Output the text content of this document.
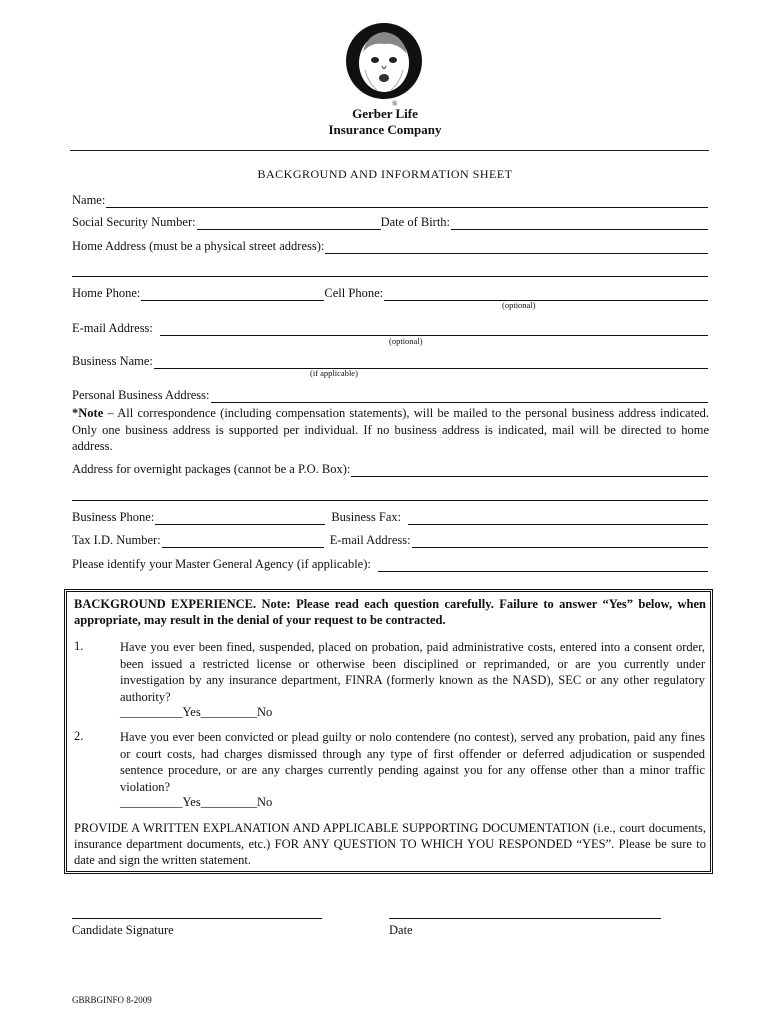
®
Gerber Life
Insurance Company
BACKGROUND AND INFORMATION SHEET
Name:
Social Security Number:	Date of Birth:
Home Address (must be a physical street address):
Home Phone:	Cell Phone:
(optional)
E-mail Address:
(optional)
Business Name:
(if applicable)
Personal Business Address:
*Note – All correspondence (including compensation statements), will be mailed to the personal business address indicated. Only one business address is supported per individual. If no business address is indicated, mail will be directed to home address.
Address for overnight packages (cannot be a P.O. Box):
Business Phone:	Business Fax:
Tax I.D. Number:	E-mail Address:
Please identify your Master General Agency (if applicable):
BACKGROUND EXPERIENCE. Note: Please read each question carefully. Failure to answer “Yes” below, when appropriate, may result in the denial of your request to be contracted.
1.	Have you ever been fined, suspended, placed on probation, paid administrative costs, entered into a consent order, been issued a restricted license or otherwise been disciplined or reprimanded, or are you currently under investigation by any insurance department, FINRA (formerly known as the NASD), SEC or any other regulatory authority?
__________Yes_________No
2.	Have you ever been convicted or plead guilty or nolo contendere (no contest), served any probation, paid any fines or court costs, had charges dismissed through any type of first offender or deferred adjudication or suspended sentence procedure, or are any charges currently pending against you for any offense other than a minor traffic violation?
__________Yes_________No
PROVIDE A WRITTEN EXPLANATION AND APPLICABLE SUPPORTING DOCUMENTATION (i.e., court documents, insurance department documents, etc.) FOR ANY QUESTION TO WHICH YOU RESPONDED “YES”. Please be sure to date and sign the written statement.
Candidate Signature	Date
GBRBGINFO 8-2009
